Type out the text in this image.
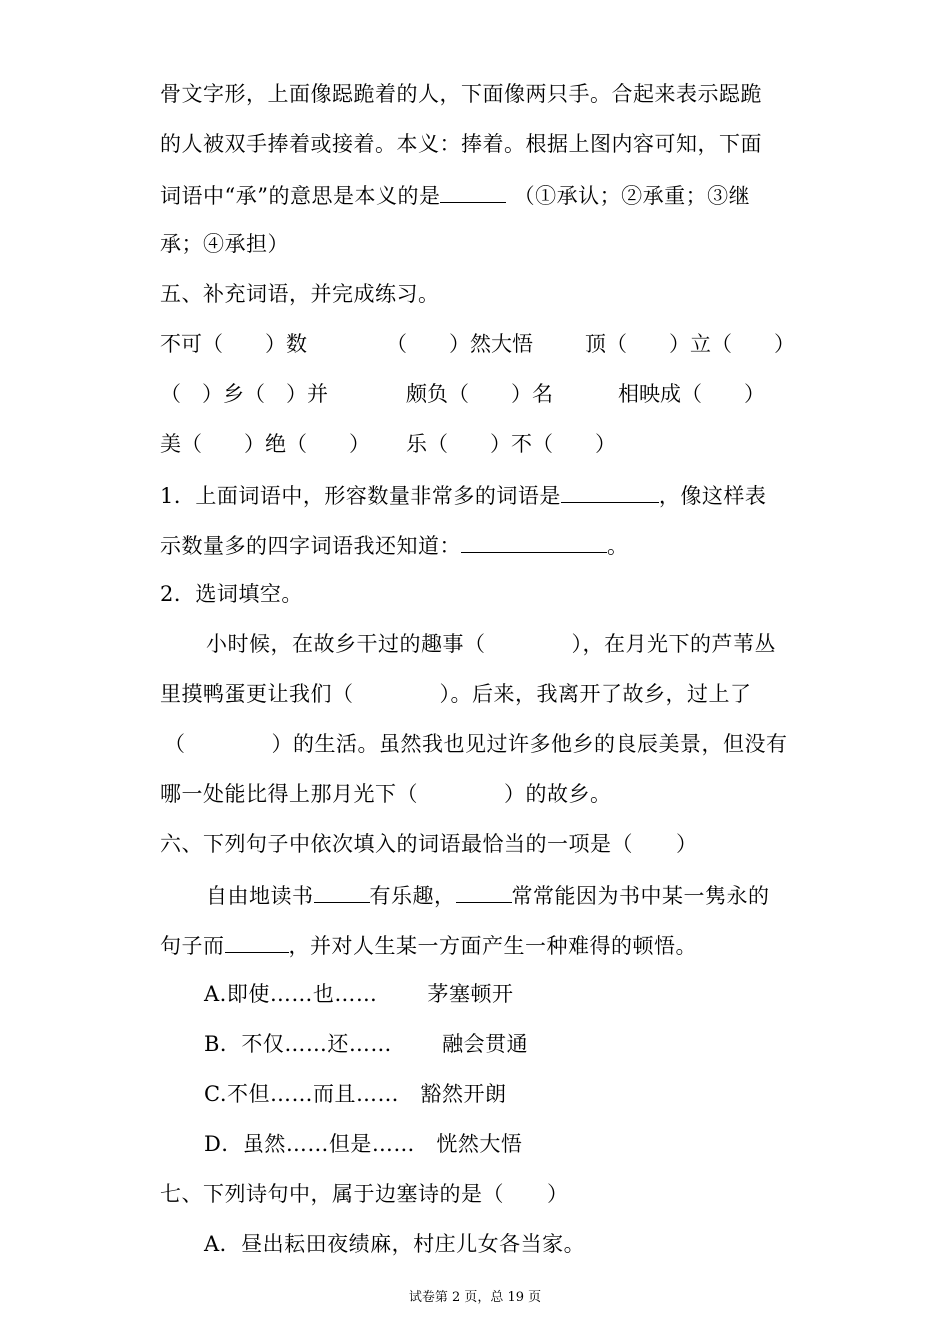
骨文字形，上面像跽跪着的人，下面像两只手。合起来表示跽跪
的人被双手捧着或接着。本义：捧着。根据上图内容可知，下面
词语中“承”的意思是本义的是	（①承认；②承重；③继
承；④承担）
五、补充词语，并完成练习。
不可（　　）数	（　　）然大悟 顶（　　）立（　　）
（　）乡（　）并	颇负（　　）名	相映成（　　）
美（　　）绝（　　） 乐（　　）不（　　）
1．上面词语中，形容数量非常多的词语是	，像这样表
示数量多的四字词语我还知道：	。
2．选词填空。
小时候，在故乡干过的趣事（　　　　），在月光下的芦苇丛
里摸鸭蛋更让我们（　　　　）。后来，我离开了故乡，过上了
（　　　　）的生活。虽然我也见过许多他乡的良辰美景，但没有
哪一处能比得上那月光下（　　　　）的故乡。
六、下列句子中依次填入的词语最恰当的一项是（　　）
自由地读书	有乐趣，	常常能因为书中某一隽永的
句子而	，并对人生某一方面产生一种难得的顿悟。
A.即使……也……　　 茅塞顿开
B．不仅……还……　　 融会贯通
C.不但……而且……　豁然开朗
D．虽然……但是……　恍然大悟
七、下列诗句中，属于边塞诗的是（　　）
A．昼出耘田夜绩麻，村庄儿女各当家。
试卷第 2 页，总 19 页
